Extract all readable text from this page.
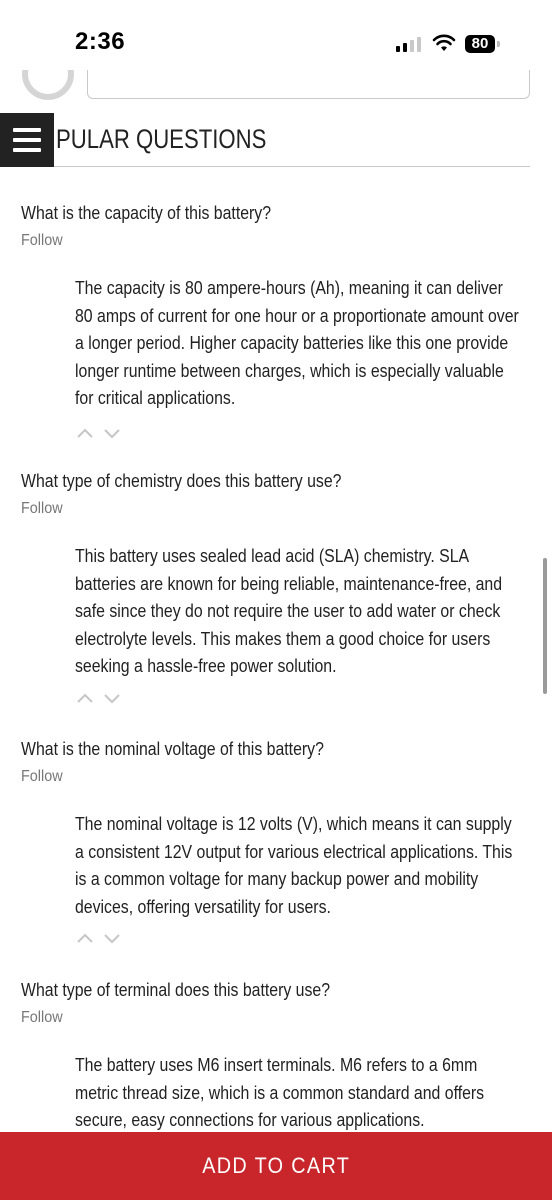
2:36	80
PULAR QUESTIONS
What is the capacity of this battery?
Follow
The capacity is 80 ampere-hours (Ah), meaning it can deliver 80 amps of current for one hour or a proportionate amount over a longer period. Higher capacity batteries like this one provide longer runtime between charges, which is especially valuable for critical applications.
What type of chemistry does this battery use?
Follow
This battery uses sealed lead acid (SLA) chemistry. SLA batteries are known for being reliable, maintenance-free, and safe since they do not require the user to add water or check electrolyte levels. This makes them a good choice for users seeking a hassle-free power solution.
What is the nominal voltage of this battery?
Follow
The nominal voltage is 12 volts (V), which means it can supply a consistent 12V output for various electrical applications. This is a common voltage for many backup power and mobility devices, offering versatility for users.
What type of terminal does this battery use?
Follow
The battery uses M6 insert terminals. M6 refers to a 6mm metric thread size, which is a common standard and offers secure, easy connections for various applications.
ADD TO CART
